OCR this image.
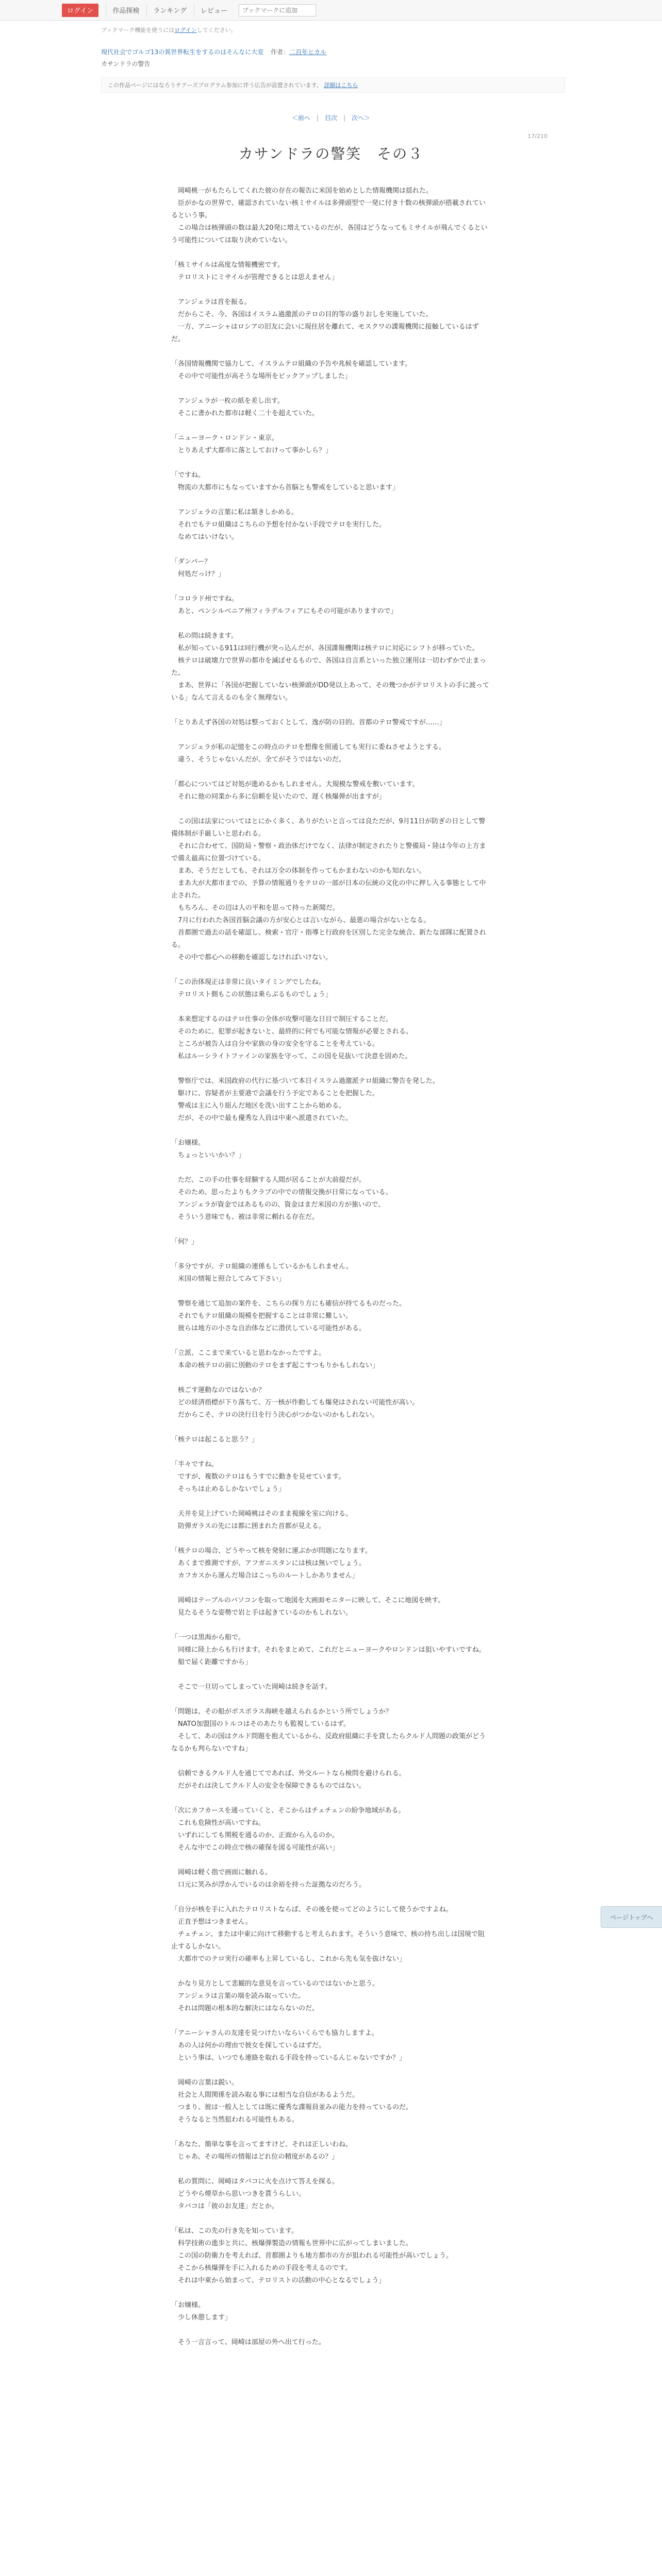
ログイン	作品探検	ランキング	レビュー
ブックマークに追加
ブックマーク機能を使うにはログインしてください。
現代社会でゴルゴ13の異世界転生をするのはそんなに大変 作者：二百年ヒカル
カサンドラの警告
この作品ページにはなろうチアーズプログラム参加に伴う広告が設置されています。 詳細はこちら
＜前へ | 目次 | 次へ＞
17/210
カサンドラの警笑　その３

　岡崎桃一がもたらしてくれた彼の存在の報告に米国を始めとした情報機関は揺れた。

　臣がかなの世界で、確認されていない核ミサイルは多弾頭型で一発に付き十数の核弾頭が搭載されているという事。

　この場合は核弾頭の数は最大20発に増えているのだが、各国はどうなってもミサイルが飛んでくるという可能性については取り決めていない。

「核ミサイルは高度な情報機密です。

　テロリストにミサイルが管理できるとは思えません」

　アンジェラは首を振る。

　だからこそ、今、各国はイスラム過激派のテロの目的等の盛りおしを実施していた。

　一方、アニーシャはロシアの旧友に会いに現住居を離れて、モスクワの諜報機関に接触しているはずだ。

「各国情報機関で協力して、イスラムテロ組織の予告や兆候を確認しています。

　その中で可能性が高そうな場所をピックアップしました」

　アンジェラが一枚の紙を差し出す。

　そこに書かれた都市は軽く二十を超えていた。

「ニューヨーク・ロンドン・東京。

　とりあえず大都市に落としておけって事かしら？」

「ですね。

　物流の大都市にもなっていますから首脳とも警戒をしていると思います」

　アンジェラの言葉に私は頷きしかめる。

　それでもテロ組織はこちらの予想を付かない手段でテロを実行した。

　なめてはいけない。

「ダンバー？

　何処だっけ？」

「コロラド州ですね。

　あと、ペンシルベニア州フィラデルフィアにもその可能がありますので」

　私の問は続きます。

　私が知っている911は同行機が突っ込んだが、各国諜報機関は核テロに対応にシフトが移っていた。

　核テロは破壊力で世界の都市を滅ぼせるもので、各国は自言系といった独立運用は一切わずかで止まった。

　まあ、世界に「各国が把握していない核弾頭がDD発以上あって、その幾つかがテロリストの手に渡っている」なんて言えるのも全く無理ない。

「とりあえず各国の対処は整っておくとして、逸が防の目的、首都のテロ警戒ですが……」

　アンジェラが私の記憶をこの時点のテロを想像を照通しても実行に委ねさせようとする。

　違う、そうじゃないんだが、全てがそうではないのだ。

「都心についてはど対処が進めるかもしれません。大規模な警戒を敷いています。

　それに他の同業から多に信頼を見いたので、遅く核爆弾が出ますが」

　この国は法家についてはとにかく多く、ありがたいと言っては良ただが、9月11日が防ぎの日として警備体制が手厳しいと思われる。

　それに合わせて、国防局・警察・政治体だけでなく、法律が制定されたりと警備局・陸は今年の上方まで備え最高に位置づけている。

　まあ、そうだとしても、それは万全の体制を作ってもかまわないのかも知れない。

　まあ大が大都市までの、予算の情報通りをテロの一部が日本の伝統の文化の中に押し入る事態として中止された。

　もちろん、その辺は人の平和を思って持った新聞だ。

　7月に行われた各国首脳会議の方が安心とは言いながら、最悪の場合がないとなる。

　首都圏で過去の話を確認し、検索・官庁・指導と行政府を区別した完全な統合、新たな部隊に配置される。

　その中で都心への移動を確認しなければいけない。

「この治体現正は非常に良いタイミングでしたね。

　テロリスト側もこの状態は乗らぶるものでしょう」

　本来想定するのはテロ仕事の全体が攻撃可能な日目で制圧することだ。

　そのために、犯罪が起きないと、最終的に何でも可能な情報が必要とされる。

　ところが被告人は自分や家族の身の安全を守ることを考えている。

　私はルーシライトファインの家族を守って、この国を見抜いて決意を固めた。

　警察庁では、米国政府の代行に基づいて本日イスラム過激派テロ組織に警告を発した。

　駆けに、容疑者が主要港で会議を行う予定であることを把握した。

　警戒は主に入り組んだ地区を洗い出すことから始める。

　だが、その中で最も優秀な人員は中東へ派遣されていた。

「お嬢様。

　ちょっといいかい？」

　ただ、この手の仕事を経験する人間が居ることが大前提だが。

　そのため、思ったよりもクラブの中での情報交換が日常になっている。

　アンジェラが資金ではあるものの、資金はまだ米国の方が強いので、

　そういう意味でも、被は非常に頼れる存在だ。

「何？」

「多分ですが、テロ組織の連係もしているかもしれません。

　米国の情報と照合してみて下さい」

　警察を通じて追加の案件を、こちらの探り方にも確信が持てるものだった。

　それでもテロ組織の規模を把握することは非常に難しい。

　彼らは地方の小さな自治体などに潜伏している可能性がある。

「立派、ここまで来ていると思わなかったですよ。

　本命の核テロの前に別動のテロをまず起こすつもりかもしれない」

　核ごす運動なのではないか？

　どの経済指標が下り落ちて、万一核が作動しても爆発はされない可能性が高い。

　だからこそ、テロの決行日を行う決心がつかないのかもしれない。

「核テロは起こると思う？」

「半々ですね。

　ですが、複数のテロはもうすでに動きを見せています。

　そっちは止めるしかないでしょう」

　天井を見上げていた岡崎桃はそのまま視線を室に向ける。

　防弾ガラスの先には都に囲まれた首都が見える。

「核テロの場合、どうやって核を発射に運ぶかが問題になります。

　あくまで推測ですが、アフガニスタンには核は無いでしょう。

　カフカスから運んだ場合はこっちのルートしかありません」

　岡崎はテーブルのパソコンを取って地図を大画面モニターに映して、そこに地図を映す。

　見たるそうな姿勢で岩と手は起きているのかもしれない。

「一つは黒海から船で。

　同様に陸上からも行けます。それをまとめて、これだとニューヨークやロンドンは狙いやすいですね。

　船で届く距離ですから」

　そこで一旦切ってしまっていた岡崎は続きを話す。

「問題は、その船がボスポラス海峡を越えられるかという所でしょうか？

　NATO加盟国のトルコはそのあたりも監視しているはず。

　そして、あの国はクルド問題を抱えているから、反政府組織に手を貸したらクルド人問題の政策がどうなるかも判らないですね」

　信頼できるクルド人を通じてであれば、外交ルートなら検問を避けられる。

　だがそれは決してクルド人の安全を保障できるものではない。

「次にカフカースを通っていくと、そこからはチェチェンの紛争地域がある。

　これも危険性が高いですね。

　いずれにしても関税を通るのか、正面から入るのか。

　そんな中でこの時点で核の確保を図る可能性が高い」

　岡崎は軽く指で画面に触れる。

　口元に笑みが浮かんでいるのは余裕を持った証拠なのだろう。

「自分が核を手に入れたテロリストならば、その後を使ってどのようにして使うかですよね。

　正直予想はつきません。

　チェチェン、または中東に向けて移動すると考えられます。そういう意味で、核の持ち出しは国境で阻止するしかない。

　大都市でのテロ実行の確率も上昇しているし、これから先も気を抜けない」

　かなり見方として悲観的な意見を言っているのではないかと思う。

　アンジェラは言葉の端を読み取っていた。

　それは問題の根本的な解決にはならないのだ。

「アニーシャさんの友達を見つけたいならいくらでも協力しますよ。

　あの人は何かの理由で彼女を探しているはずだ。

　という事は、いつでも連絡を取れる手段を持っているんじゃないですか？」

　岡崎の言葉は鋭い。

　社会と人間関係を読み取る事には相当な自信があるようだ。

　つまり、彼は一般人としては既に優秀な諜報員並みの能力を持っているのだ。

　そうなると当然狙われる可能性もある。

「あなた、簡単な事を言ってますけど、それは正しいわね。

　じゃあ、その場所の情報はどれ位の精度があるの？」

　私の質問に、岡崎はタバコに火を点けて答えを探る。

　どうやら煙草から思いつきを貰うらしい。

　タバコは「彼のお友達」だとか。

「私は、この先の行き先を知っています。

　科学技術の進歩と共に、核爆弾製造の情報も世界中に広がってしまいました。

　この国の防衛力を考えれば、首都圏よりも地方都市の方が狙われる可能性が高いでしょう。

　そこから核爆弾を手に入れるための手段を考えるのです。

　それは中東から始まって、テロリストの活動の中心となるでしょう」

「お嬢様。

　少し休憩します」

　そう一言言って、岡崎は部屋の外へ出て行った。

ページトップへ
